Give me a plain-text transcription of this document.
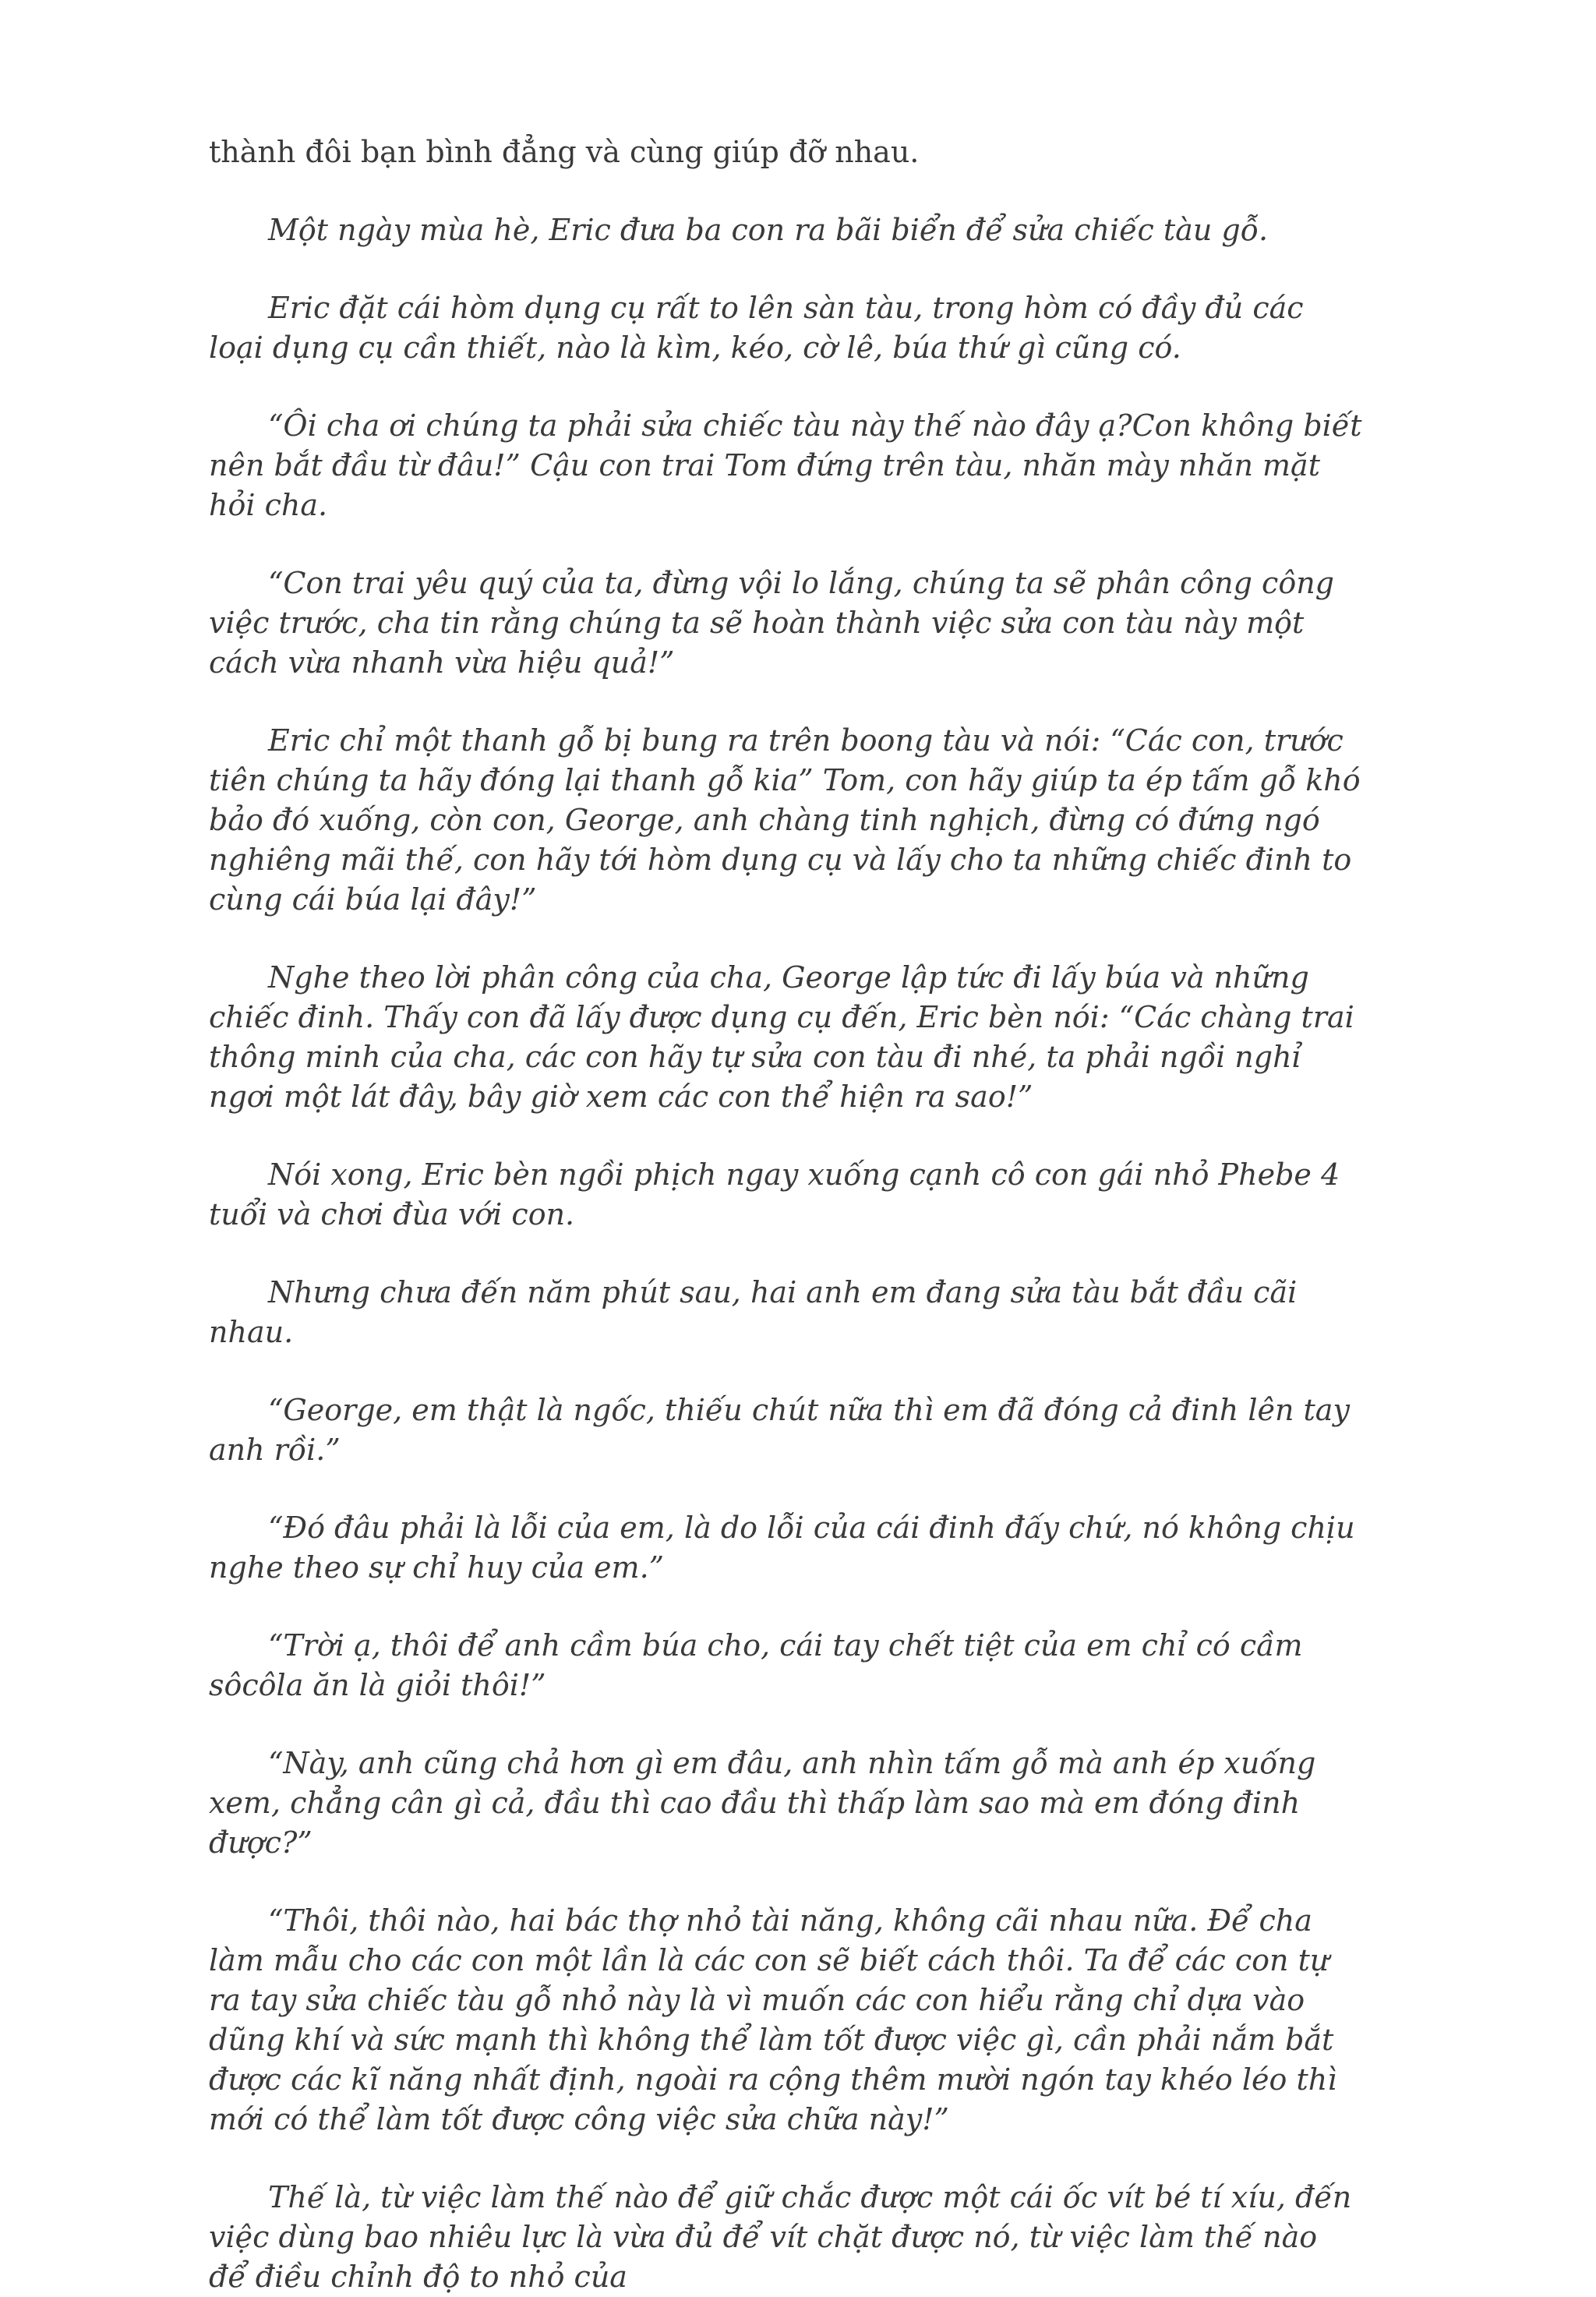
thành đôi bạn bình đẳng và cùng giúp đỡ nhau.

Một ngày mùa hè, Eric đưa ba con ra bãi biển để sửa chiếc tàu gỗ.

Eric đặt cái hòm dụng cụ rất to lên sàn tàu, trong hòm có đầy đủ các loại dụng cụ cần thiết, nào là kìm, kéo, cờ lê, búa thứ gì cũng có.

“Ôi cha ơi chúng ta phải sửa chiếc tàu này thế nào đây ạ?Con không biết nên bắt đầu từ đâu!” Cậu con trai Tom đứng trên tàu, nhăn mày nhăn mặt hỏi cha.

“Con trai yêu quý của ta, đừng vội lo lắng, chúng ta sẽ phân công công việc trước, cha tin rằng chúng ta sẽ hoàn thành việc sửa con tàu này một cách vừa nhanh vừa hiệu quả!”

Eric chỉ một thanh gỗ bị bung ra trên boong tàu và nói: “Các con, trước tiên chúng ta hãy đóng lại thanh gỗ kia” Tom, con hãy giúp ta ép tấm gỗ khó bảo đó xuống, còn con, George, anh chàng tinh nghịch, đừng có đứng ngó nghiêng mãi thế, con hãy tới hòm dụng cụ và lấy cho ta những chiếc đinh to cùng cái búa lại đây!”

Nghe theo lời phân công của cha, George lập tức đi lấy búa và những chiếc đinh. Thấy con đã lấy được dụng cụ đến, Eric bèn nói: “Các chàng trai thông minh của cha, các con hãy tự sửa con tàu đi nhé, ta phải ngồi nghỉ ngơi một lát đây, bây giờ xem các con thể hiện ra sao!”

Nói xong, Eric bèn ngồi phịch ngay xuống cạnh cô con gái nhỏ Phebe 4 tuổi và chơi đùa với con.

Nhưng chưa đến năm phút sau, hai anh em đang sửa tàu bắt đầu cãi nhau.

“George, em thật là ngốc, thiếu chút nữa thì em đã đóng cả đinh lên tay anh rồi.”

“Đó đâu phải là lỗi của em, là do lỗi của cái đinh đấy chứ, nó không chịu nghe theo sự chỉ huy của em.”

“Trời ạ, thôi để anh cầm búa cho, cái tay chết tiệt của em chỉ có cầm sôcôla ăn là giỏi thôi!”

“Này, anh cũng chả hơn gì em đâu, anh nhìn tấm gỗ mà anh ép xuống xem, chẳng cân gì cả, đầu thì cao đầu thì thấp làm sao mà em đóng đinh được?”

“Thôi, thôi nào, hai bác thợ nhỏ tài năng, không cãi nhau nữa. Để cha làm mẫu cho các con một lần là các con sẽ biết cách thôi. Ta để các con tự ra tay sửa chiếc tàu gỗ nhỏ này là vì muốn các con hiểu rằng chỉ dựa vào dũng khí và sức mạnh thì không thể làm tốt được việc gì, cần phải nắm bắt được các kĩ năng nhất định, ngoài ra cộng thêm mười ngón tay khéo léo thì mới có thể làm tốt được công việc sửa chữa này!”

Thế là, từ việc làm thế nào để giữ chắc được một cái ốc vít bé tí xíu, đến việc dùng bao nhiêu lực là vừa đủ để vít chặt được nó, từ việc làm thế nào để điều chỉnh độ to nhỏ của
